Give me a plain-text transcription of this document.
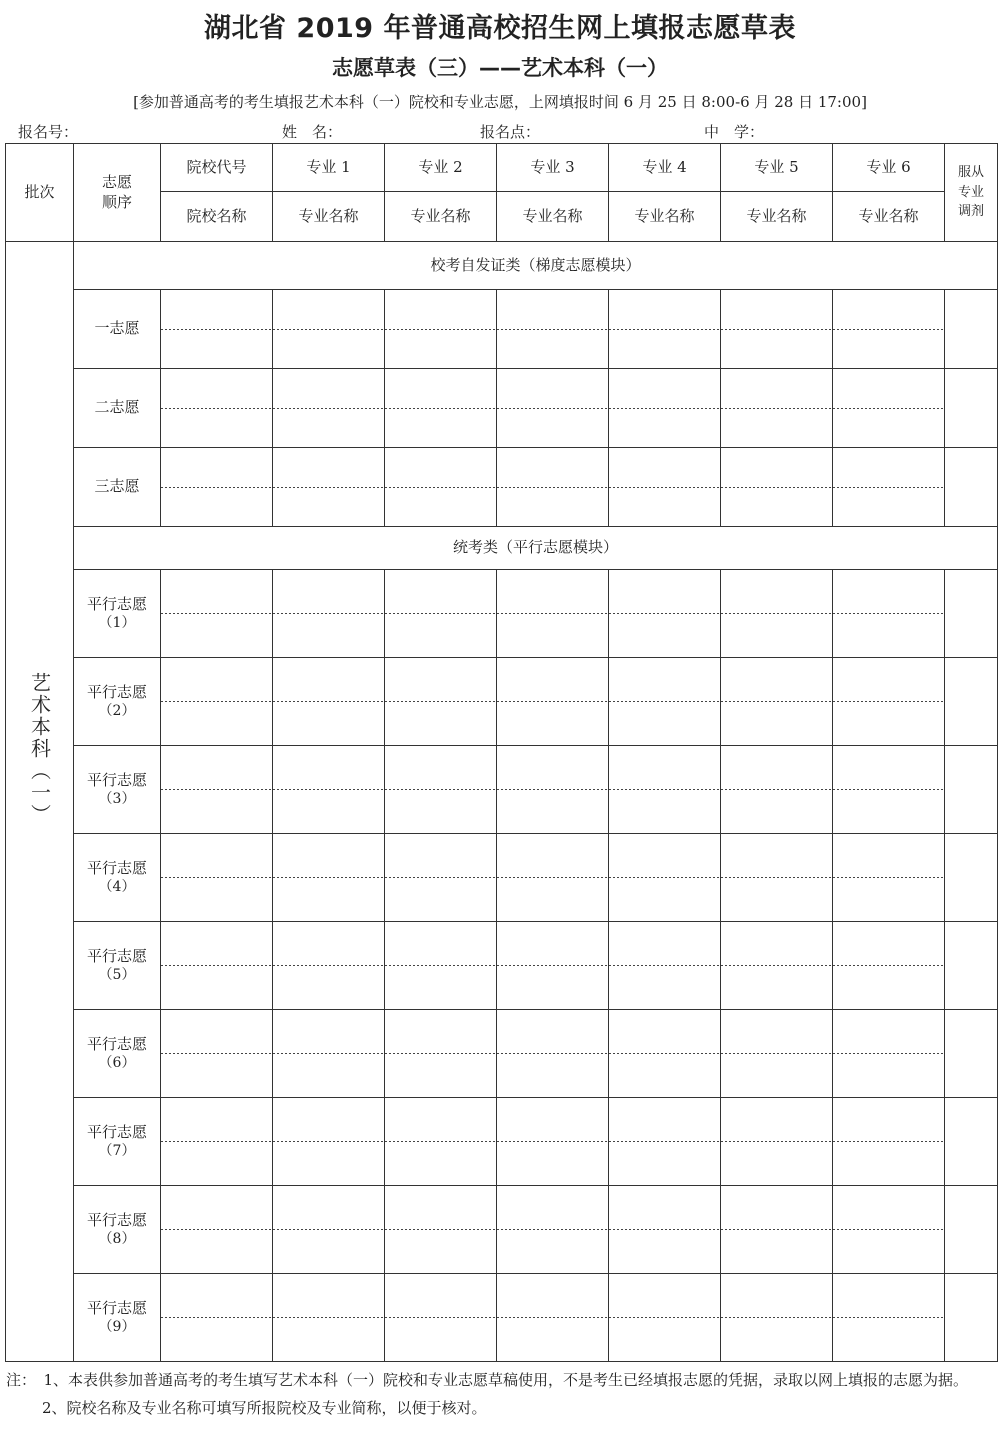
湖北省 2019 年普通高校招生网上填报志愿草表
志愿草表（三）——艺术本科（一）
[参加普通高考的考生填报艺术本科（一）院校和专业志愿，上网填报时间 6 月 25 日 8:00-6 月 28 日 17:00]
报名号：	姓　名：	报名点：	中　学：
批次	志愿顺序	院校代号	专业 1	专业 2	专业 3	专业 4	专业 5	专业 6	服从专业调剂

		院校名称	专业名称	专业名称	专业名称	专业名称	专业名称	专业名称	
艺术本科（一）	校考自发证类（梯度志愿模块）								
	一志愿								
	二志愿								
	三志愿								
	统考类（平行志愿模块）								

	平行志愿
（1）								

	平行志愿
（2）								

	平行志愿
（3）								

	平行志愿
（4）								

	平行志愿
（5）								

	平行志愿
（6）								

	平行志愿
（7）								

	平行志愿
（8）								

	平行志愿
（9）								

注：　1、本表供参加普通高考的考生填写艺术本科（一）院校和专业志愿草稿使用，不是考生已经填报志愿的凭据，录取以网上填报的志愿为据。

2、院校名称及专业名称可填写所报院校及专业简称，以便于核对。
